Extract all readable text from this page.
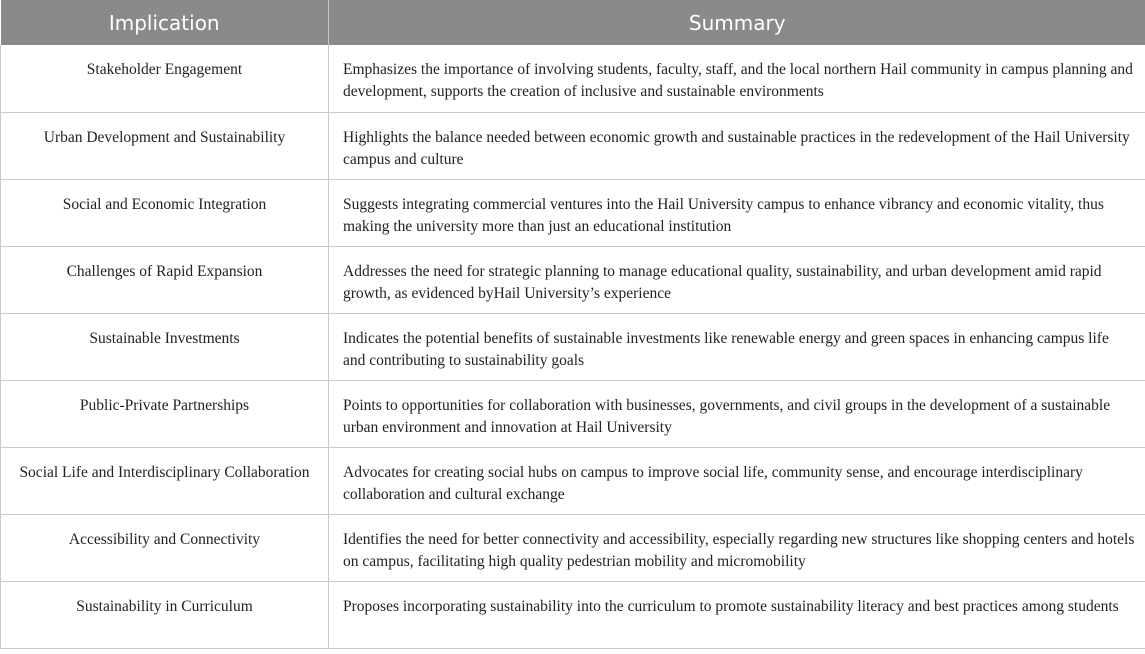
Implication	Summary
Stakeholder Engagement	Emphasizes the importance of involving students, faculty, staff, and the local northern Hail community in campus planning and development, supports the creation of inclusive and sustainable environments
Urban Development and Sustainability	Highlights the balance needed between economic growth and sustainable practices in the redevelopment of the Hail University campus and culture
Social and Economic Integration	Suggests integrating commercial ventures into the Hail University campus to enhance vibrancy and economic vitality, thus making the university more than just an educational institution
Challenges of Rapid Expansion	Addresses the need for strategic planning to manage educational quality, sustainability, and urban development amid rapid growth, as evidenced byHail University’s experience
Sustainable Investments	Indicates the potential benefits of sustainable investments like renewable energy and green spaces in enhancing campus life and contributing to sustainability goals
Public-Private Partnerships	Points to opportunities for collaboration with businesses, governments, and civil groups in the development of a sustainable urban environment and innovation at Hail University
Social Life and Interdisciplinary Collaboration	Advocates for creating social hubs on campus to improve social life, community sense, and encourage interdisciplinary collaboration and cultural exchange
Accessibility and Connectivity	Identifies the need for better connectivity and accessibility, especially regarding new structures like shopping centers and hotels on campus, facilitating high quality pedestrian mobility and micromobility
Sustainability in Curriculum	Proposes incorporating sustainability into the curriculum to promote sustainability literacy and best practices among students
